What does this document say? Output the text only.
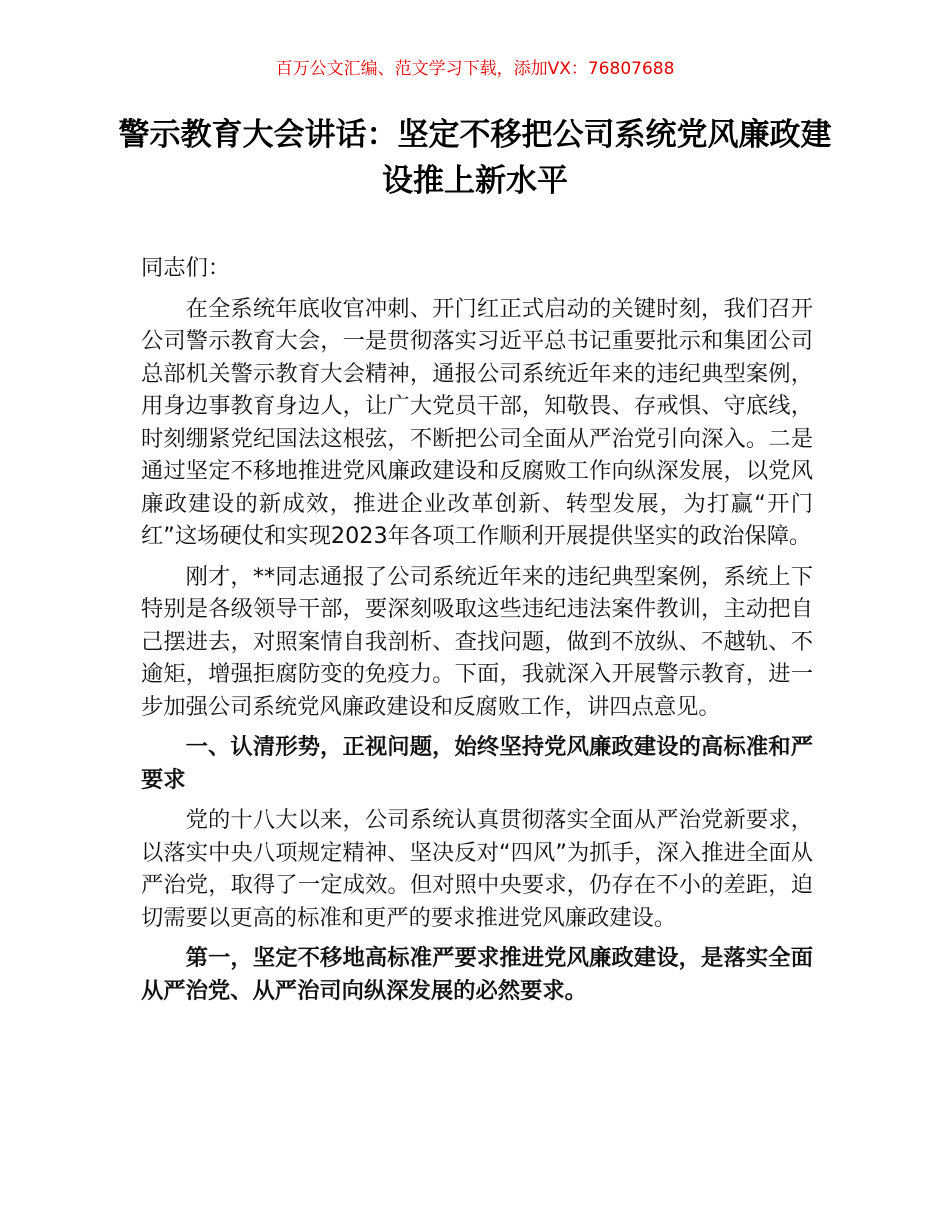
百万公文汇编、范文学习下载，添加VX：76807688
警示教育大会讲话：坚定不移把公司系统党风廉政建设推上新水平

同志们：

在全系统年底收官冲刺、开门红正式启动的关键时刻，我们召开公司警示教育大会，一是贯彻落实习近平总书记重要批示和集团公司总部机关警示教育大会精神，通报公司系统近年来的违纪典型案例，用身边事教育身边人，让广大党员干部，知敬畏、存戒惧、守底线，时刻绷紧党纪国法这根弦，不断把公司全面从严治党引向深入。二是通过坚定不移地推进党风廉政建设和反腐败工作向纵深发展，以党风廉政建设的新成效，推进企业改革创新、转型发展，为打赢“开门红”这场硬仗和实现2023年各项工作顺利开展提供坚实的政治保障。

刚才，**同志通报了公司系统近年来的违纪典型案例，系统上下特别是各级领导干部，要深刻吸取这些违纪违法案件教训，主动把自己摆进去，对照案情自我剖析、查找问题，做到不放纵、不越轨、不逾矩，增强拒腐防变的免疫力。下面，我就深入开展警示教育，进一步加强公司系统党风廉政建设和反腐败工作，讲四点意见。

一、认清形势，正视问题，始终坚持党风廉政建设的高标准和严要求

党的十八大以来，公司系统认真贯彻落实全面从严治党新要求，以落实中央八项规定精神、坚决反对“四风”为抓手，深入推进全面从严治党，取得了一定成效。但对照中央要求，仍存在不小的差距，迫切需要以更高的标准和更严的要求推进党风廉政建设。

第一，坚定不移地高标准严要求推进党风廉政建设，是落实全面从严治党、从严治司向纵深发展的必然要求。
